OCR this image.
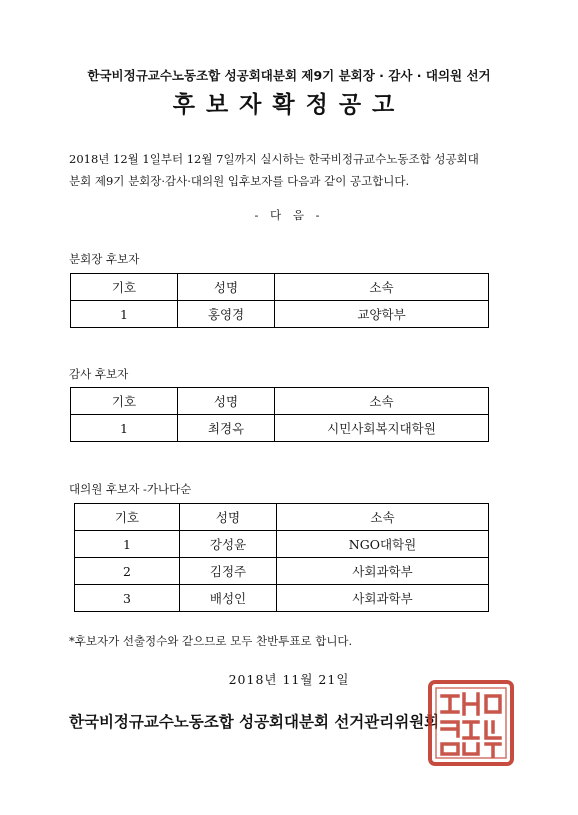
한국비정규교수노동조합 성공회대분회 제9기 분회장 · 감사 · 대의원 선거
후보자확정공고
2018년 12월 1일부터 12월 7일까지 실시하는 한국비정규교수노동조합 성공회대
분회 제9기 분회장·감사·대의원 입후보자를 다음과 같이 공고합니다.
- 다 음 -
분회장 후보자
기호	성명	소속
1	홍영경	교양학부
감사 후보자
기호	성명	소속
1	최경옥	시민사회복지대학원
대의원 후보자 -가나다순
기호	성명	소속
1	강성윤	NGO대학원
2	김정주	사회과학부
3	배성인	사회과학부
*후보자가 선출정수와 같으므로 모두 찬반투표로 합니다.
2018년 11월 21일
한국비정규교수노동조합 성공회대분회 선거관리위원회
